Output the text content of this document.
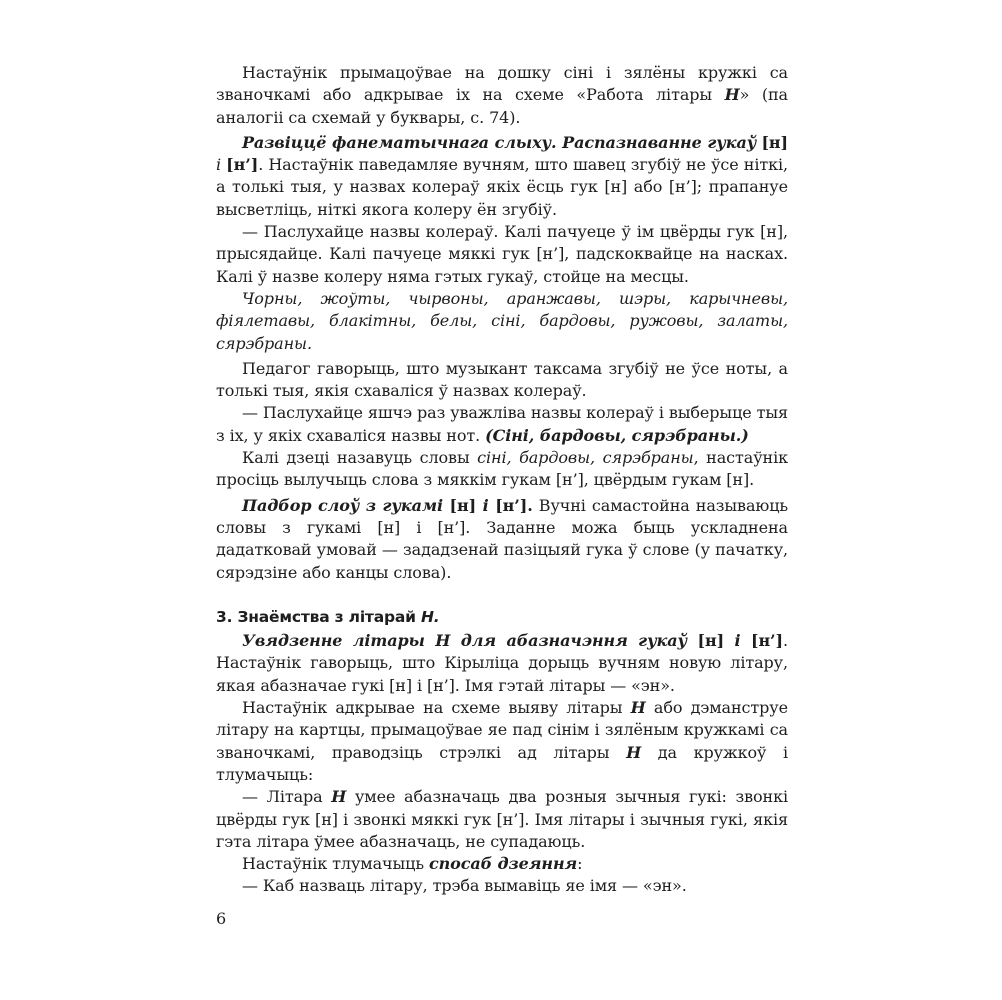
Настаўнік прымацоўвае на дошку сіні і зялёны кружкі са званочкамі або адкрывае іх на схеме «Работа літары Н» (па аналогіі са схемай у буквары, с. 74).

Развіццё фанематычнага слыху. Распазнаванне гукаў [н] і [н’]. Настаўнік паведамляе вучням, што шавец згубіў не ўсе ніткі, а толькі тыя, у назвах колераў якіх ёсць гук [н] або [н’]; прапануе высветліць, ніткі якога колеру ён згубіў.

— Паслухайце назвы колераў. Калі пачуеце ў ім цвёрды гук [н], прысядайце. Калі пачуеце мяккі гук [н’], падскоквайце на насках. Калі ў назве колеру няма гэтых гукаў, стойце на месцы.

Чорны, жоўты, чырвоны, аранжавы, шэры, карычневы, фіялетавы, блакітны, белы, сіні, бардовы, ружовы, залаты, сярэбраны.

Педагог гаворыць, што музыкант таксама згубіў не ўсе ноты, а толькі тыя, якія схаваліся ў назвах колераў.

— Паслухайце яшчэ раз уважліва назвы колераў і выберыце тыя з іх, у якіх схаваліся назвы нот. (Сіні, бардовы, сярэбраны.)

Калі дзеці назавуць словы сіні, бардовы, сярэбраны, настаўнік просіць вылучыць слова з мяккім гукам [н’], цвёрдым гукам [н].

Падбор слоў з гукамі [н] і [н’]. Вучні самастойна называюць словы з гукамі [н] і [н’]. Заданне можа быць ускладнена дадатковай умовай — зададзенай пазіцыяй гука ў слове (у пачатку, сярэдзіне або канцы слова).

3. Знаёмства з літарай Н.

Увядзенне літары Н для абазначэння гукаў [н] і [н’]. Настаўнік гаворыць, што Кірыліца дорыць вучням новую літару, якая абазначае гукі [н] і [н’]. Імя гэтай літары — «эн».

Настаўнік адкрывае на схеме выяву літары Н або дэманструе літару на картцы, прымацоўвае яе пад сінім і зялёным кружкамі са званочкамі, праводзіць стрэлкі ад літары Н да кружкоў і тлумачыць:

— Літара Н умее абазначаць два розныя зычныя гукі: звонкі цвёрды гук [н] і звонкі мяккі гук [н’]. Імя літары і зычныя гукі, якія гэта літара ўмее абазначаць, не супадаюць.

Настаўнік тлумачыць спосаб дзеяння:

— Каб назваць літару, трэба вымавіць яе імя — «эн».

6
